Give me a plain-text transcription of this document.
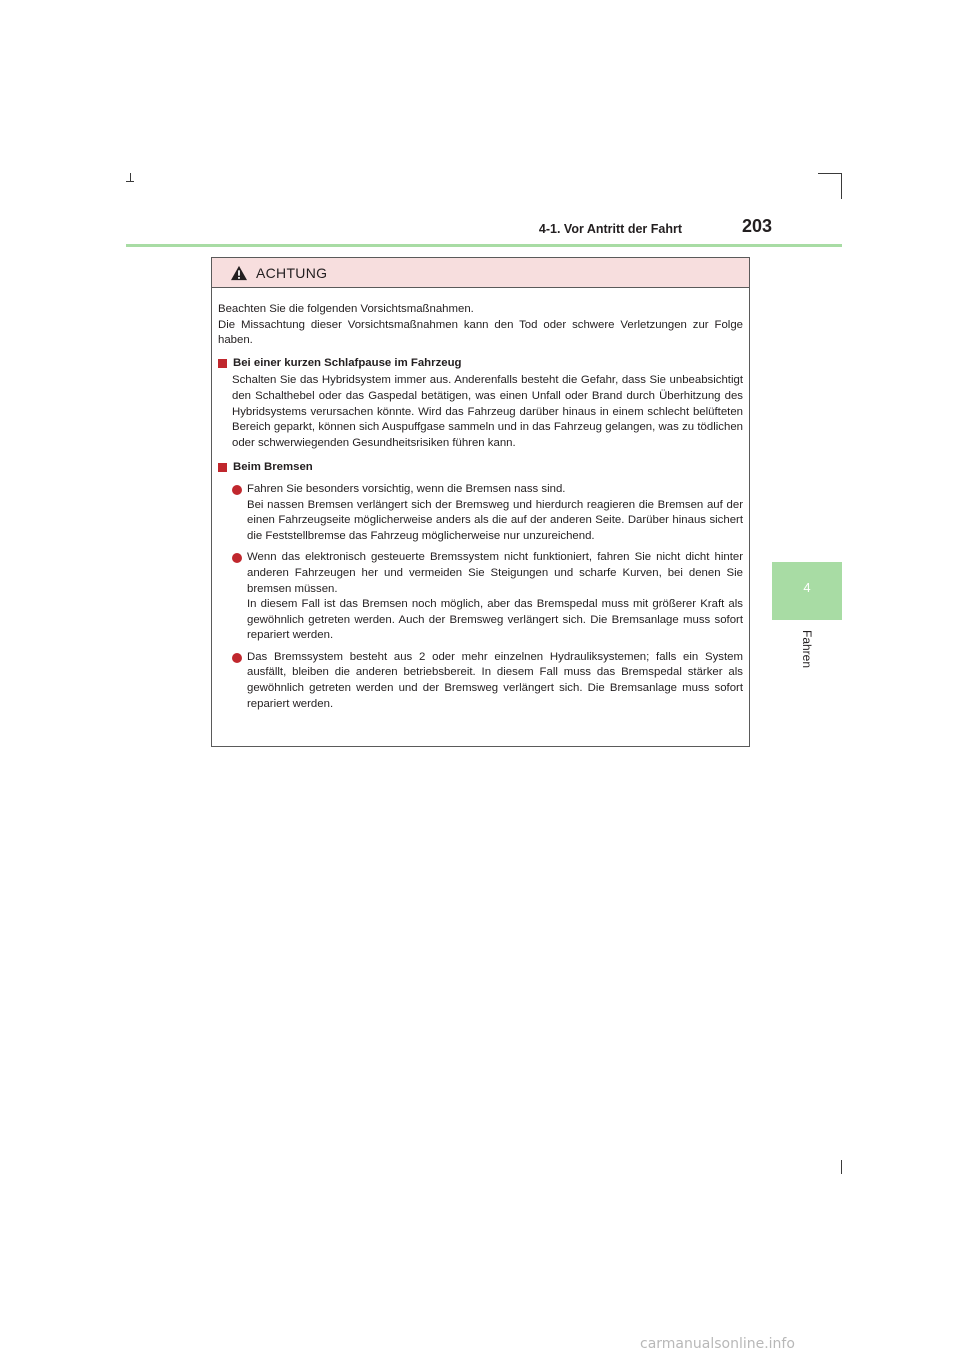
4-1. Vor Antritt der Fahrt	203
4
Fahren
ACHTUNG

Beachten Sie die folgenden Vorsichtsmaßnahmen.

Die Missachtung dieser Vorsichtsmaßnahmen kann den Tod oder schwere Verletzungen zur Folge haben.

Bei einer kurzen Schlafpause im Fahrzeug

Schalten Sie das Hybridsystem immer aus. Anderenfalls besteht die Gefahr, dass Sie unbeabsichtigt den Schalthebel oder das Gaspedal betätigen, was einen Unfall oder Brand durch Überhitzung des Hybridsystems verursachen könnte. Wird das Fahrzeug darüber hinaus in einem schlecht belüfteten Bereich geparkt, können sich Auspuffgase sammeln und in das Fahrzeug gelangen, was zu tödlichen oder schwerwiegenden Gesundheitsrisiken führen kann.

Beim Bremsen
Fahren Sie besonders vorsichtig, wenn die Bremsen nass sind.
Bei nassen Bremsen verlängert sich der Bremsweg und hierdurch reagieren die Bremsen auf der einen Fahrzeugseite möglicherweise anders als die auf der anderen Seite. Darüber hinaus sichert die Feststellbremse das Fahrzeug möglicherweise nur unzureichend.
Wenn das elektronisch gesteuerte Bremssystem nicht funktioniert, fahren Sie nicht dicht hinter anderen Fahrzeugen her und vermeiden Sie Steigungen und scharfe Kurven, bei denen Sie bremsen müssen.
In diesem Fall ist das Bremsen noch möglich, aber das Bremspedal muss mit größerer Kraft als gewöhnlich getreten werden. Auch der Bremsweg verlängert sich. Die Bremsanlage muss sofort repariert werden.
Das Bremssystem besteht aus 2 oder mehr einzelnen Hydrauliksystemen; falls ein System ausfällt, bleiben die anderen betriebsbereit. In diesem Fall muss das Bremspedal stärker als gewöhnlich getreten werden und der Bremsweg verlängert sich. Die Bremsanlage muss sofort repariert werden.
carmanualsonline.info
